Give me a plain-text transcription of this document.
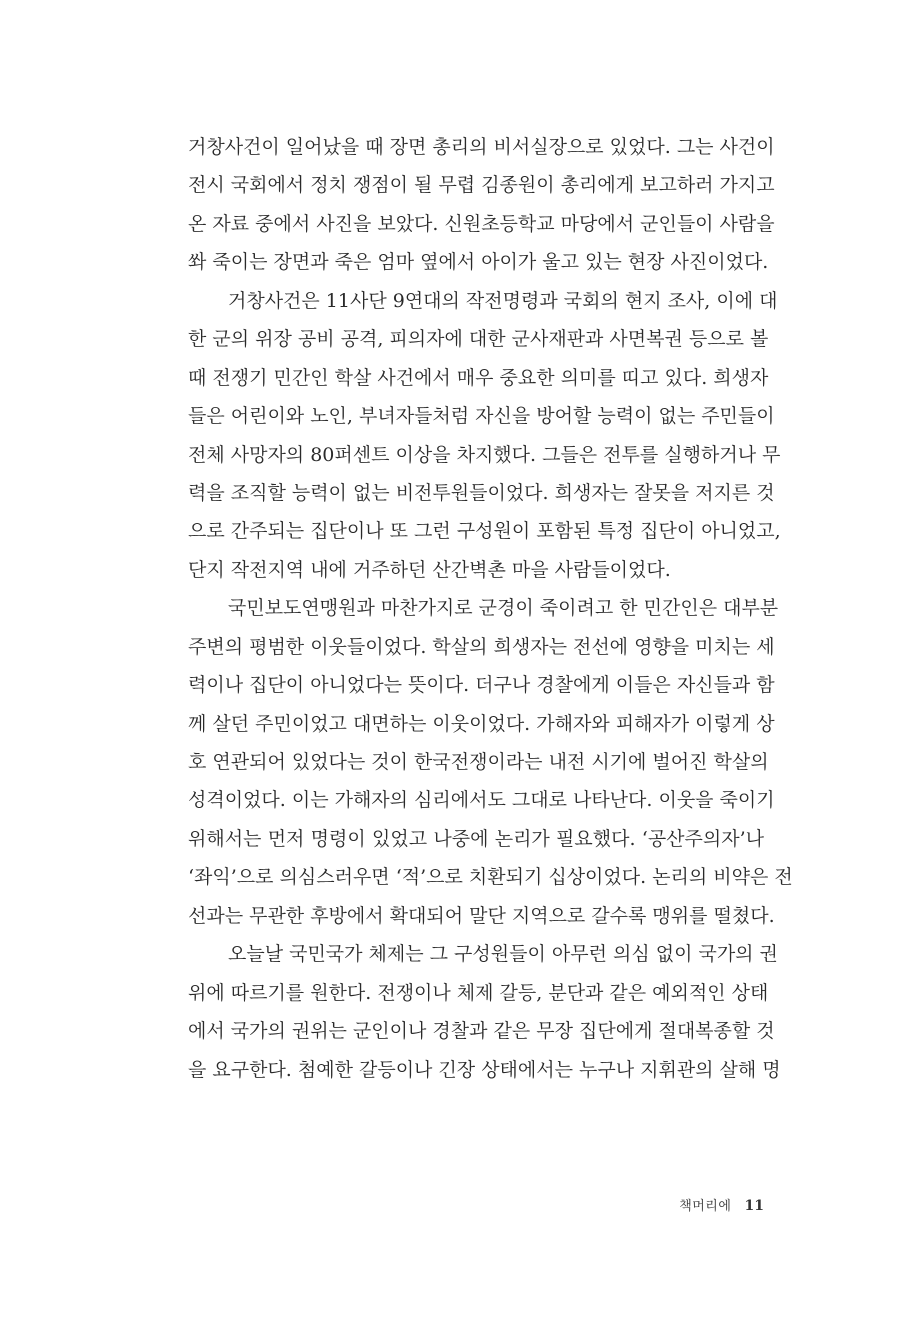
거창사건이 일어났을 때 장면 총리의 비서실장으로 있었다. 그는 사건이
전시 국회에서 정치 쟁점이 될 무렵 김종원이 총리에게 보고하러 가지고
온 자료 중에서 사진을 보았다. 신원초등학교 마당에서 군인들이 사람을
쏴 죽이는 장면과 죽은 엄마 옆에서 아이가 울고 있는 현장 사진이었다.
거창사건은 11사단 9연대의 작전명령과 국회의 현지 조사, 이에 대
한 군의 위장 공비 공격, 피의자에 대한 군사재판과 사면복권 등으로 볼
때 전쟁기 민간인 학살 사건에서 매우 중요한 의미를 띠고 있다. 희생자
들은 어린이와 노인, 부녀자들처럼 자신을 방어할 능력이 없는 주민들이
전체 사망자의 80퍼센트 이상을 차지했다. 그들은 전투를 실행하거나 무
력을 조직할 능력이 없는 비전투원들이었다. 희생자는 잘못을 저지른 것
으로 간주되는 집단이나 또 그런 구성원이 포함된 특정 집단이 아니었고,
단지 작전지역 내에 거주하던 산간벽촌 마을 사람들이었다.
국민보도연맹원과 마찬가지로 군경이 죽이려고 한 민간인은 대부분
주변의 평범한 이웃들이었다. 학살의 희생자는 전선에 영향을 미치는 세
력이나 집단이 아니었다는 뜻이다. 더구나 경찰에게 이들은 자신들과 함
께 살던 주민이었고 대면하는 이웃이었다. 가해자와 피해자가 이렇게 상
호 연관되어 있었다는 것이 한국전쟁이라는 내전 시기에 벌어진 학살의
성격이었다. 이는 가해자의 심리에서도 그대로 나타난다. 이웃을 죽이기
위해서는 먼저 명령이 있었고 나중에 논리가 필요했다. ‘공산주의자’나
‘좌익’으로 의심스러우면 ‘적’으로 치환되기 십상이었다. 논리의 비약은 전
선과는 무관한 후방에서 확대되어 말단 지역으로 갈수록 맹위를 떨쳤다.
오늘날 국민국가 체제는 그 구성원들이 아무런 의심 없이 국가의 권
위에 따르기를 원한다. 전쟁이나 체제 갈등, 분단과 같은 예외적인 상태
에서 국가의 권위는 군인이나 경찰과 같은 무장 집단에게 절대복종할 것
을 요구한다. 첨예한 갈등이나 긴장 상태에서는 누구나 지휘관의 살해 명
책머리에 11
